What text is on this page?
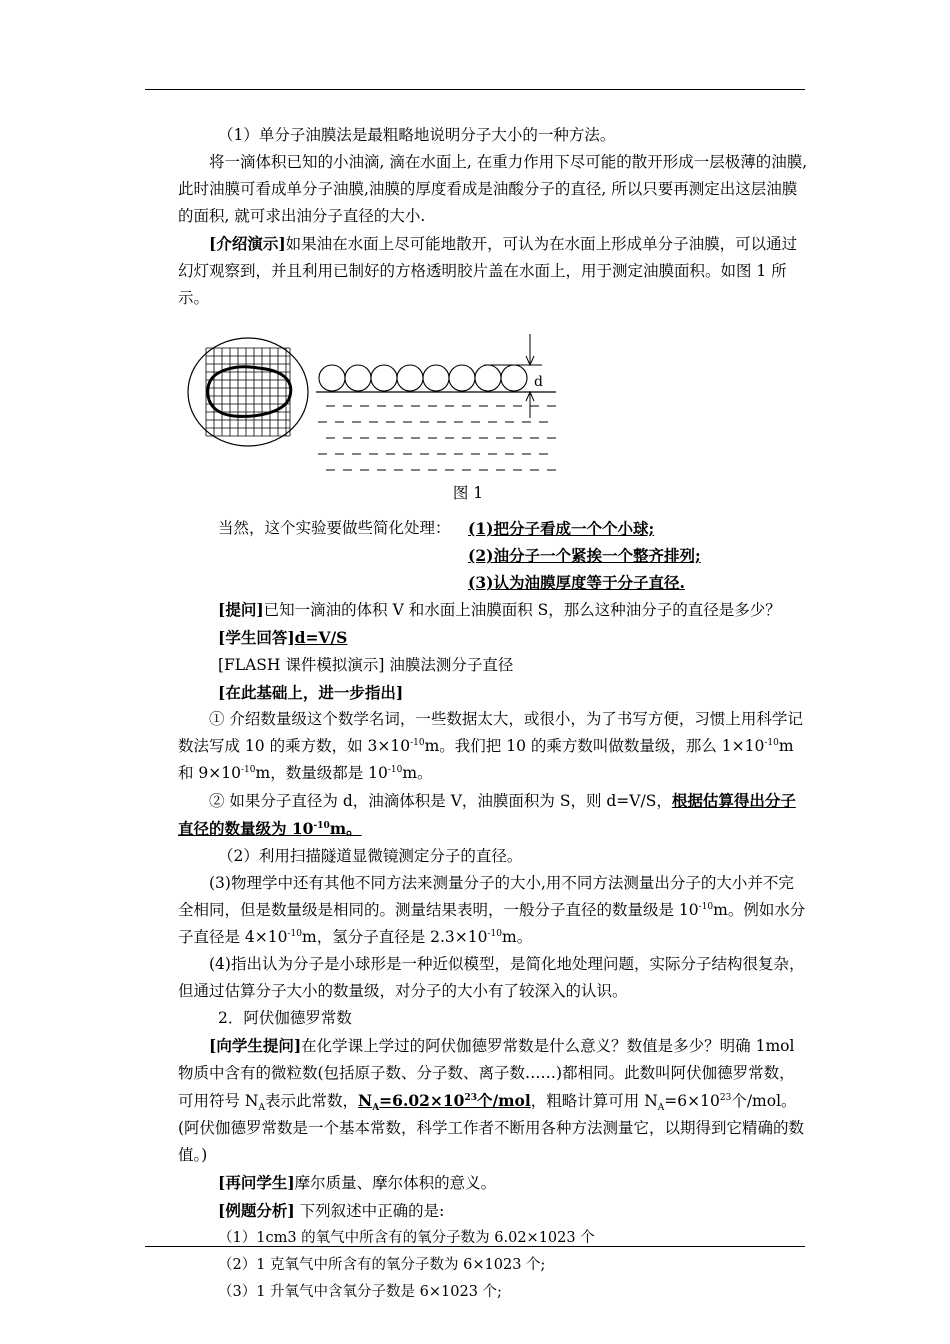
（1）单分子油膜法是最粗略地说明分子大小的一种方法。

将一滴体积已知的小油滴, 滴在水面上, 在重力作用下尽可能的散开形成一层极薄的油膜, 此时油膜可看成单分子油膜,油膜的厚度看成是油酸分子的直径, 所以只要再测定出这层油膜的面积, 就可求出油分子直径的大小.

[介绍演示]如果油在水面上尽可能地散开，可认为在水面上形成单分子油膜，可以通过幻灯观察到，并且利用已制好的方格透明胶片盖在水面上，用于测定油膜面积。如图 1 所示。

d

图 1

当然，这个实验要做些简化处理： (1)把分子看成一个个小球;
(2)油分子一个紧挨一个整齐排列;
(3)认为油膜厚度等于分子直径.

[提问]已知一滴油的体积 V 和水面上油膜面积 S，那么这种油分子的直径是多少？

[学生回答]d=V/S

[FLASH 课件模拟演示] 油膜法测分子直径

[在此基础上，进一步指出]

① 介绍数量级这个数学名词，一些数据太大，或很小，为了书写方便，习惯上用科学记数法写成 10 的乘方数，如 $3\times 10^{-10}m$。我们把 10 的乘方数叫做数量级，那么 $1\times 10^{-10}m$ 和 $9\times 10^{-10}m$，数量级都是 $10^{-10}m$。

② 如果分子直径为 d，油滴体积是 V，油膜面积为 S，则 d=V/S，根据估算得出分子直径的数量级为 $10^{-10}m$。

（2）利用扫描隧道显微镜测定分子的直径。

(3)物理学中还有其他不同方法来测量分子的大小,用不同方法测量出分子的大小并不完全相同，但是数量级是相同的。测量结果表明，一般分子直径的数量级是 $10^{-10}m$。例如水分子直径是 $4\times 10^{-10}m$，氢分子直径是 $2.3\times 10^{-10}m$。

(4)指出认为分子是小球形是一种近似模型，是简化地处理问题，实际分子结构很复杂，但通过估算分子大小的数量级，对分子的大小有了较深入的认识。

2．阿伏伽德罗常数

[向学生提问]在化学课上学过的阿伏伽德罗常数是什么意义？数值是多少？明确 1mol 物质中含有的微粒数(包括原子数、分子数、离子数……)都相同。此数叫阿伏伽德罗常数，可用符号 $N_A$表示此常数，$N_A=6.02\times 10^{23}$个/mol，粗略计算可用 $N_A=6\times 10^{23}$个/mol。(阿伏伽德罗常数是一个基本常数，科学工作者不断用各种方法测量它，以期得到它精确的数值。)

[再问学生]摩尔质量、摩尔体积的意义。

[例题分析] 下列叙述中正确的是:

（1）1cm3 的氧气中所含有的氧分子数为 6.02×1023 个

（2）1 克氧气中所含有的氧分子数为 6×1023 个;

（3）1 升氧气中含氧分子数是 6×1023 个;
